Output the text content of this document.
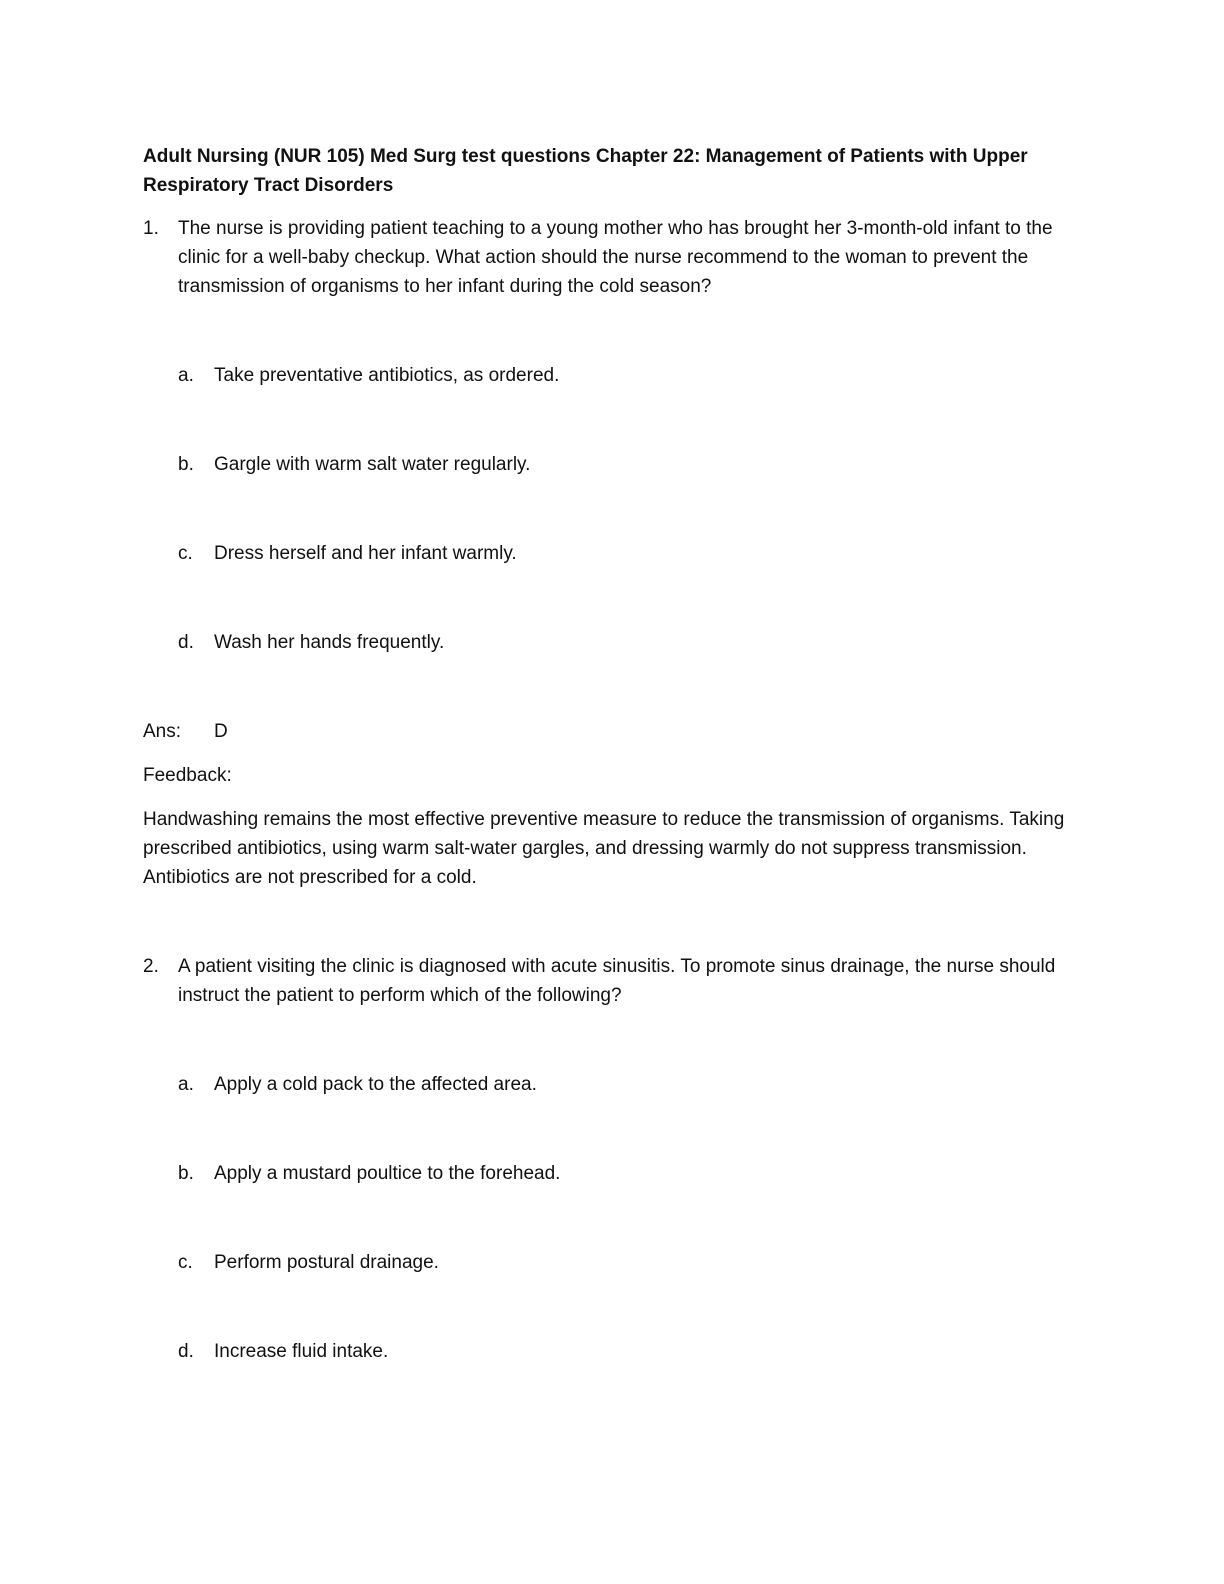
Adult Nursing (NUR 105) Med Surg test questions Chapter 22: Management of Patients with Upper Respiratory Tract Disorders

1. The nurse is providing patient teaching to a young mother who has brought her 3-month-old infant to the clinic for a well-baby checkup. What action should the nurse recommend to the woman to prevent the transmission of organisms to her infant during the cold season?

a. Take preventative antibiotics, as ordered.
b. Gargle with warm salt water regularly.
c. Dress herself and her infant warmly.
d. Wash her hands frequently.
Ans: D
Feedback:

Handwashing remains the most effective preventive measure to reduce the transmission of organisms. Taking prescribed antibiotics, using warm salt-water gargles, and dressing warmly do not suppress transmission. Antibiotics are not prescribed for a cold.

2. A patient visiting the clinic is diagnosed with acute sinusitis. To promote sinus drainage, the nurse should instruct the patient to perform which of the following?

a. Apply a cold pack to the affected area.
b. Apply a mustard poultice to the forehead.
c. Perform postural drainage.
d. Increase fluid intake.
